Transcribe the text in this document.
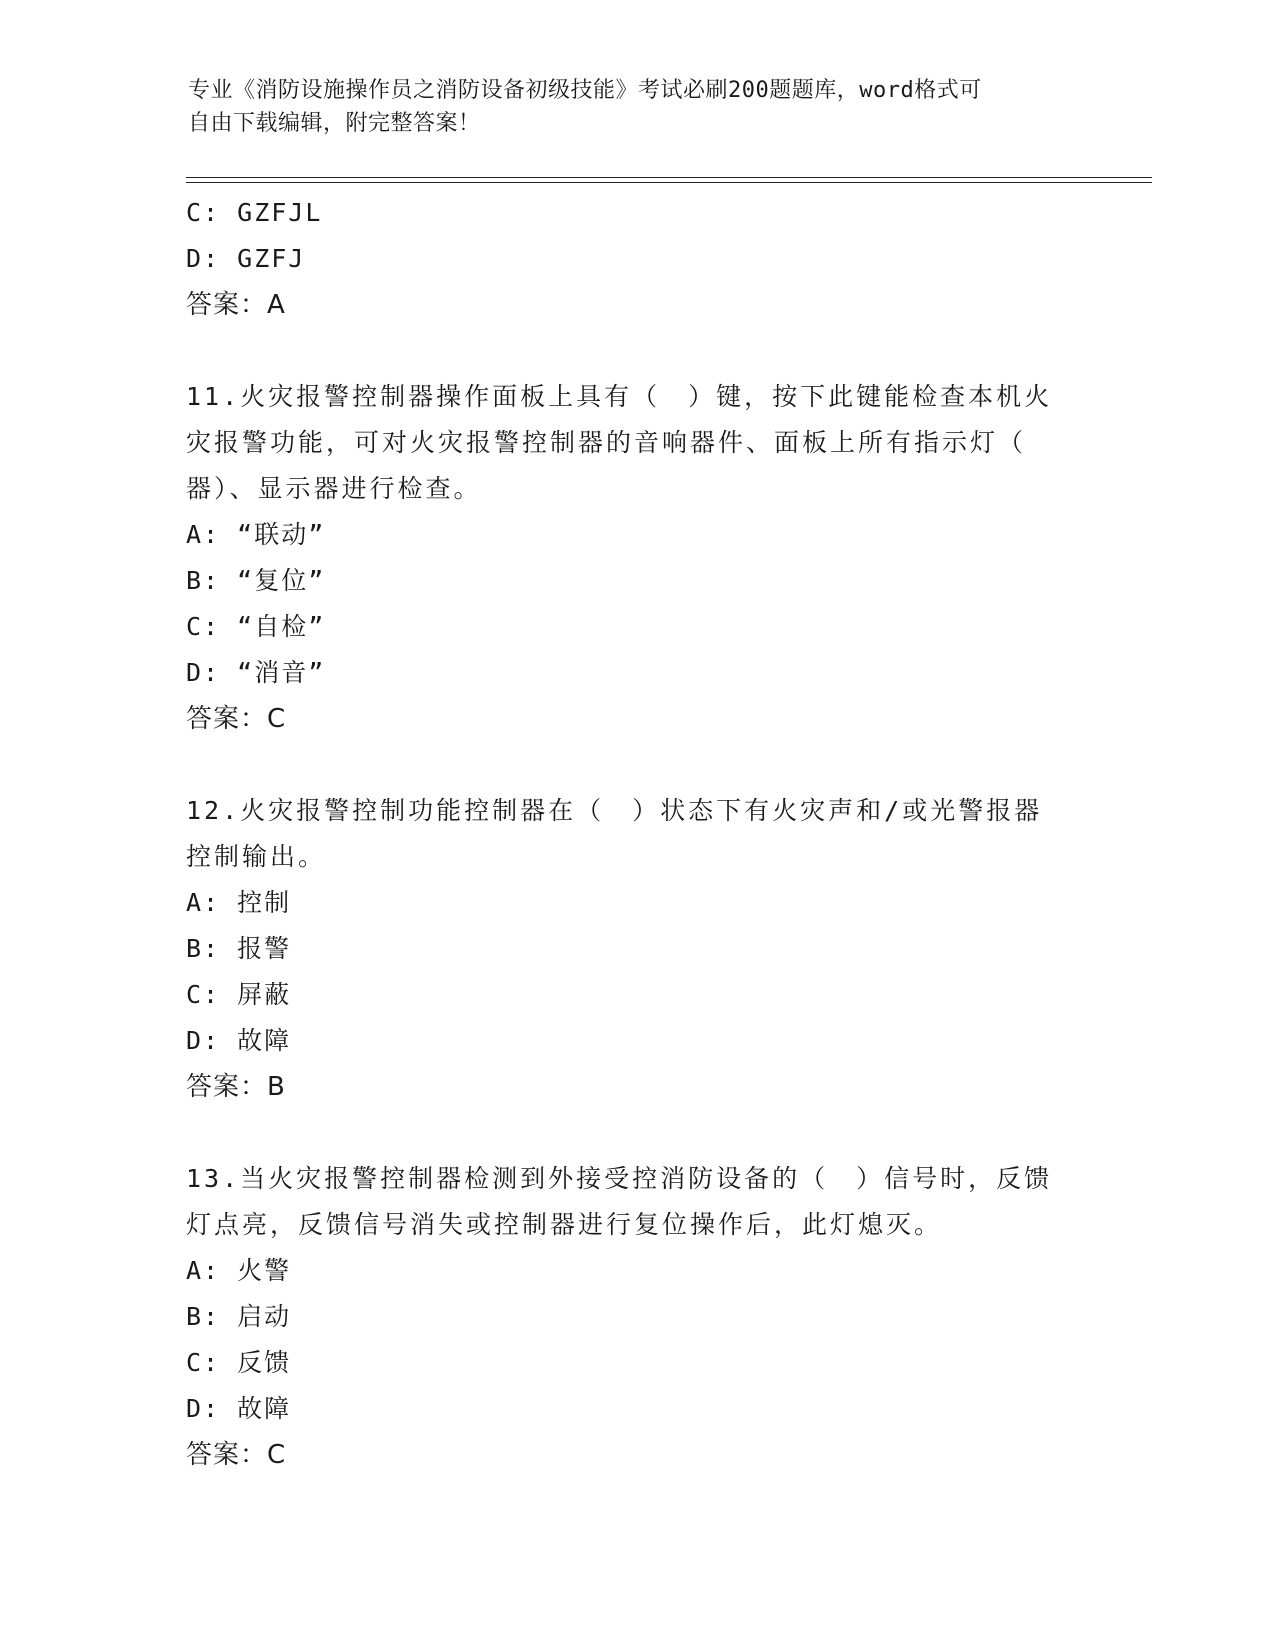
专业《消防设施操作员之消防设备初级技能》考试必刷200题题库，word格式可
自由下载编辑，附完整答案！
C: GZFJL
D: GZFJ
答案：A
11.火灾报警控制器操作面板上具有（　）键，按下此键能检查本机火
灾报警功能，可对火灾报警控制器的音响器件、面板上所有指示灯（
器）、显示器进行检查。
A: “联动”
B: “复位”
C: “自检”
D: “消音”
答案：C
12.火灾报警控制功能控制器在（　）状态下有火灾声和/或光警报器
控制输出。
A: 控制
B: 报警
C: 屏蔽
D: 故障
答案：B
13.当火灾报警控制器检测到外接受控消防设备的（　）信号时，反馈
灯点亮，反馈信号消失或控制器进行复位操作后，此灯熄灭。
A: 火警
B: 启动
C: 反馈
D: 故障
答案：C
